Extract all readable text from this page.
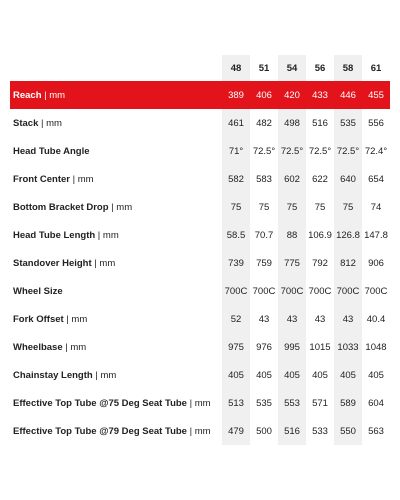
48	51	54	56	58	61
Reach | mm	389	406	420	433	446	455
Stack | mm	461	482	498	516	535	556
Head Tube Angle	71°	72.5° 72.5° 72.5° 72.5° 72.4°
Front Center | mm	582	583	602	622	640	654
Bottom Bracket Drop | mm	75	75	75	75	75	74
Head Tube Length | mm	58.5	70.7	88	106.9 126.8 147.8
Standover Height | mm	739	759	775	792	812	906
Wheel Size	700C 700C 700C 700C 700C 700C
Fork Offset | mm	52	43	43	43	43	40.4
Wheelbase | mm	975	976	995	1015 1033 1048
Chainstay Length | mm	405	405	405	405	405	405
Effective Top Tube @75 Deg Seat Tube | mm	513	535	553	571	589	604
Effective Top Tube @79 Deg Seat Tube | mm	479	500	516	533	550	563
